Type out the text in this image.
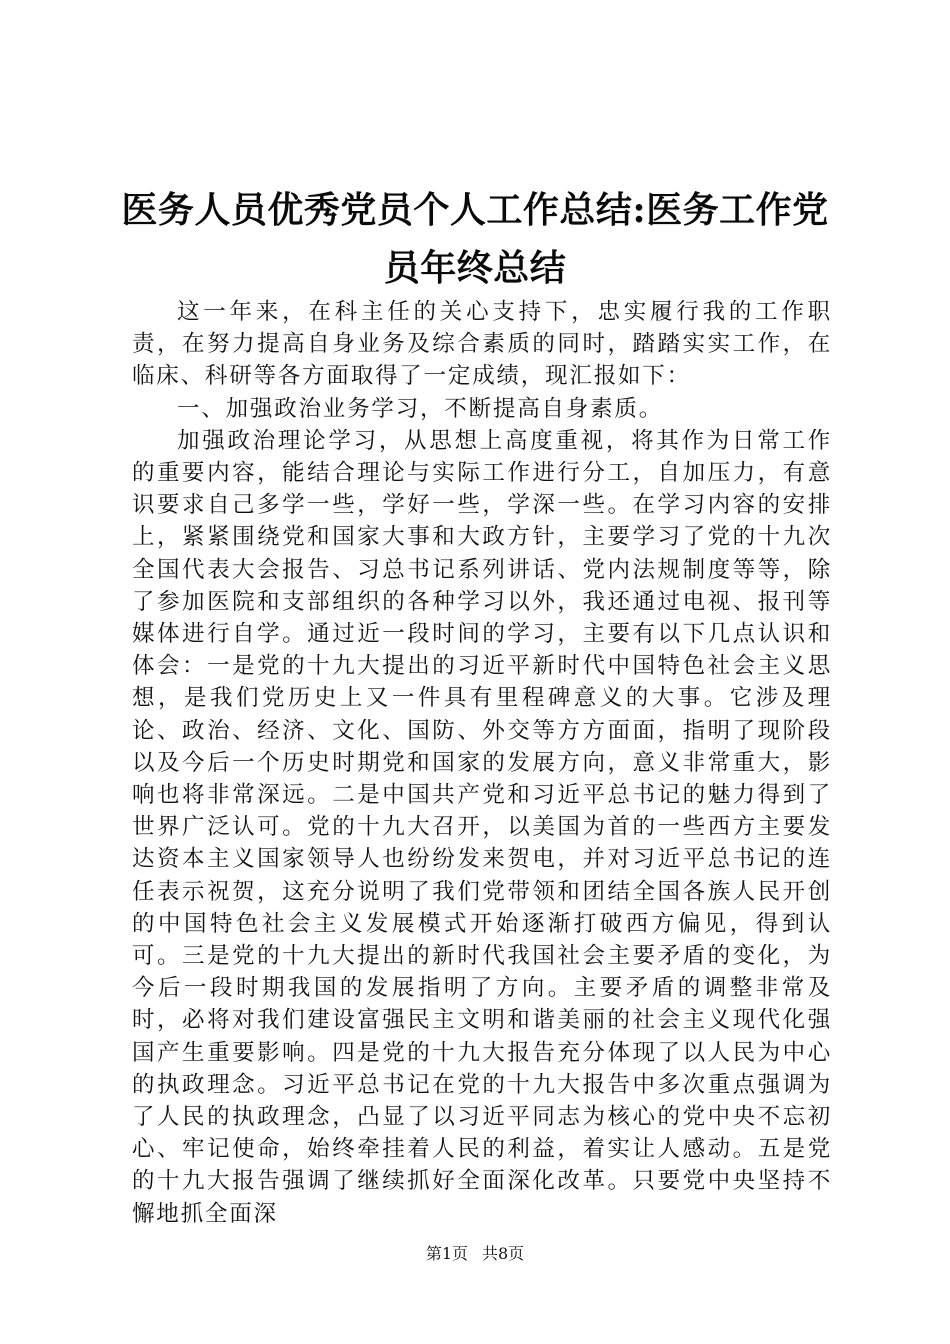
医务人员优秀党员个人工作总结:医务工作党员年终总结

这一年来，在科主任的关心支持下，忠实履行我的工作职责，在努力提高自身业务及综合素质的同时，踏踏实实工作，在临床、科研等各方面取得了一定成绩，现汇报如下：

一、加强政治业务学习，不断提高自身素质。

加强政治理论学习，从思想上高度重视，将其作为日常工作的重要内容，能结合理论与实际工作进行分工，自加压力，有意识要求自己多学一些，学好一些，学深一些。在学习内容的安排上，紧紧围绕党和国家大事和大政方针，主要学习了党的十九次全国代表大会报告、习总书记系列讲话、党内法规制度等等，除了参加医院和支部组织的各种学习以外，我还通过电视、报刊等媒体进行自学。通过近一段时间的学习，主要有以下几点认识和体会：一是党的十九大提出的习近平新时代中国特色社会主义思想，是我们党历史上又一件具有里程碑意义的大事。它涉及理论、政治、经济、文化、国防、外交等方方面面，指明了现阶段以及今后一个历史时期党和国家的发展方向，意义非常重大，影响也将非常深远。二是中国共产党和习近平总书记的魅力得到了世界广泛认可。党的十九大召开，以美国为首的一些西方主要发达资本主义国家领导人也纷纷发来贺电，并对习近平总书记的连任表示祝贺，这充分说明了我们党带领和团结全国各族人民开创的中国特色社会主义发展模式开始逐渐打破西方偏见，得到认可。三是党的十九大提出的新时代我国社会主要矛盾的变化，为今后一段时期我国的发展指明了方向。主要矛盾的调整非常及时，必将对我们建设富强民主文明和谐美丽的社会主义现代化强国产生重要影响。四是党的十九大报告充分体现了以人民为中心的执政理念。习近平总书记在党的十九大报告中多次重点强调为了人民的执政理念，凸显了以习近平同志为核心的党中央不忘初心、牢记使命，始终牵挂着人民的利益，着实让人感动。五是党的十九大报告强调了继续抓好全面深化改革。只要党中央坚持不懈地抓全面深

第1页 共8页
